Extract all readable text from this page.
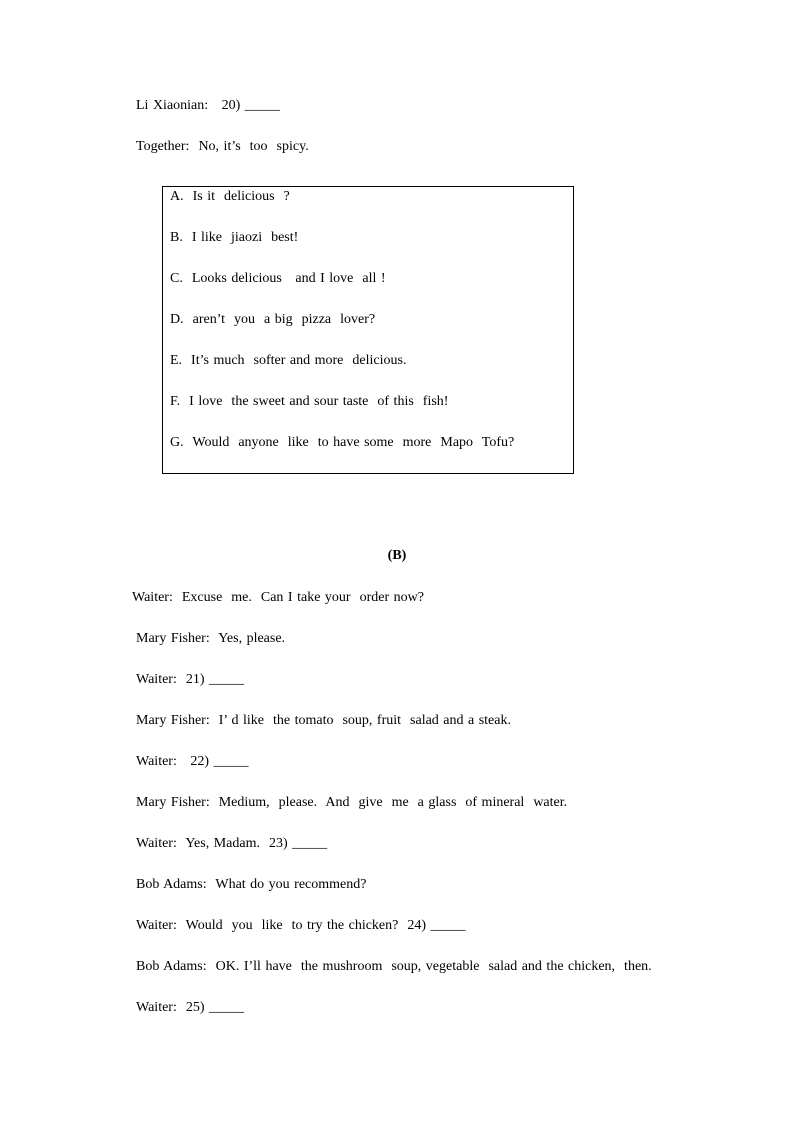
Li Xiaonian:   20) _____
Together:  No, it’s  too  spicy.
A.  Is it  delicious  ?
B.  I like  jiaozi  best!
C.  Looks delicious   and I love  all !
D.  aren’t  you  a big  pizza  lover?
E.  It’s much  softer and more  delicious.
F.  I love  the sweet and sour taste  of this  fish!
G.  Would  anyone  like  to have some  more  Mapo  Tofu?
(B)
Waiter:  Excuse  me.  Can I take your  order now?
Mary Fisher:  Yes, please.
Waiter:  21) _____
Mary Fisher:  I’ d like  the tomato  soup, fruit  salad and a steak.
Waiter:   22) _____
Mary Fisher:  Medium,  please.  And  give  me  a glass  of mineral  water.
Waiter:  Yes, Madam.  23) _____
Bob Adams:  What do you recommend?
Waiter:  Would  you  like  to try the chicken?  24) _____
Bob Adams:  OK. I’ll have  the mushroom  soup, vegetable  salad and the chicken,  then.
Waiter:  25) _____
